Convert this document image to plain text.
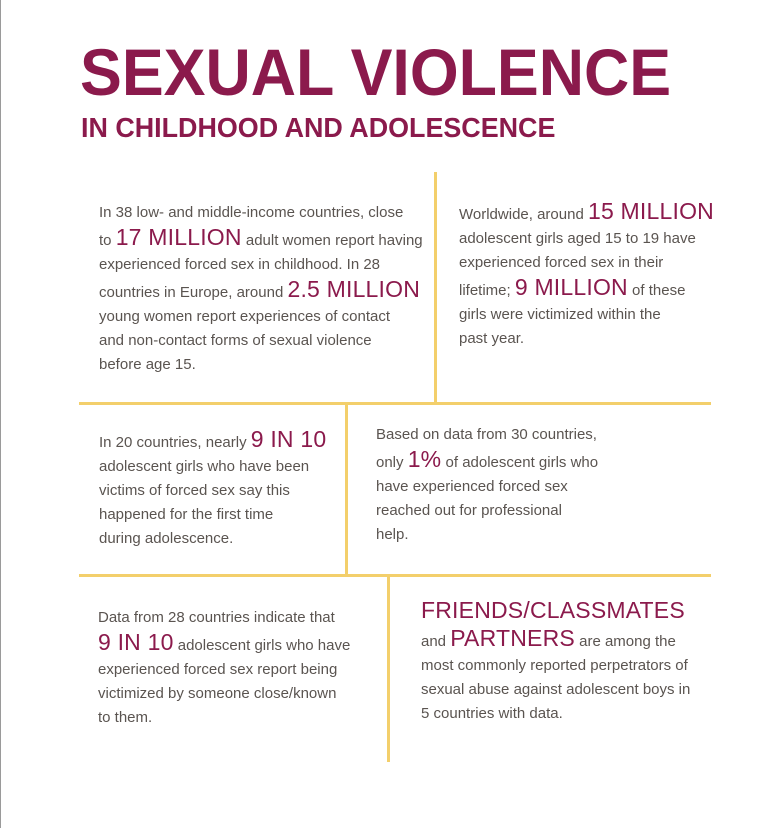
SEXUAL VIOLENCE
IN CHILDHOOD AND ADOLESCENCE

In 38 low- and middle-income countries, close
to 17 MILLION adult women report having
experienced forced sex in childhood. In 28
countries in Europe, around 2.5 MILLION
young women report experiences of contact
and non-contact forms of sexual violence
before age 15.

Worldwide, around 15 MILLION
adolescent girls aged 15 to 19 have
experienced forced sex in their
lifetime; 9 MILLION of these
girls were victimized within the
past year.

In 20 countries, nearly 9 IN 10
adolescent girls who have been
victims of forced sex say this
happened for the first time
during adolescence.

Based on data from 30 countries,
only 1% of adolescent girls who
have experienced forced sex
reached out for professional
help.

Data from 28 countries indicate that
9 IN 10 adolescent girls who have
experienced forced sex report being
victimized by someone close/known
to them.

FRIENDS/CLASSMATES
and PARTNERS are among the
most commonly reported perpetrators of
sexual abuse against adolescent boys in
5 countries with data.
